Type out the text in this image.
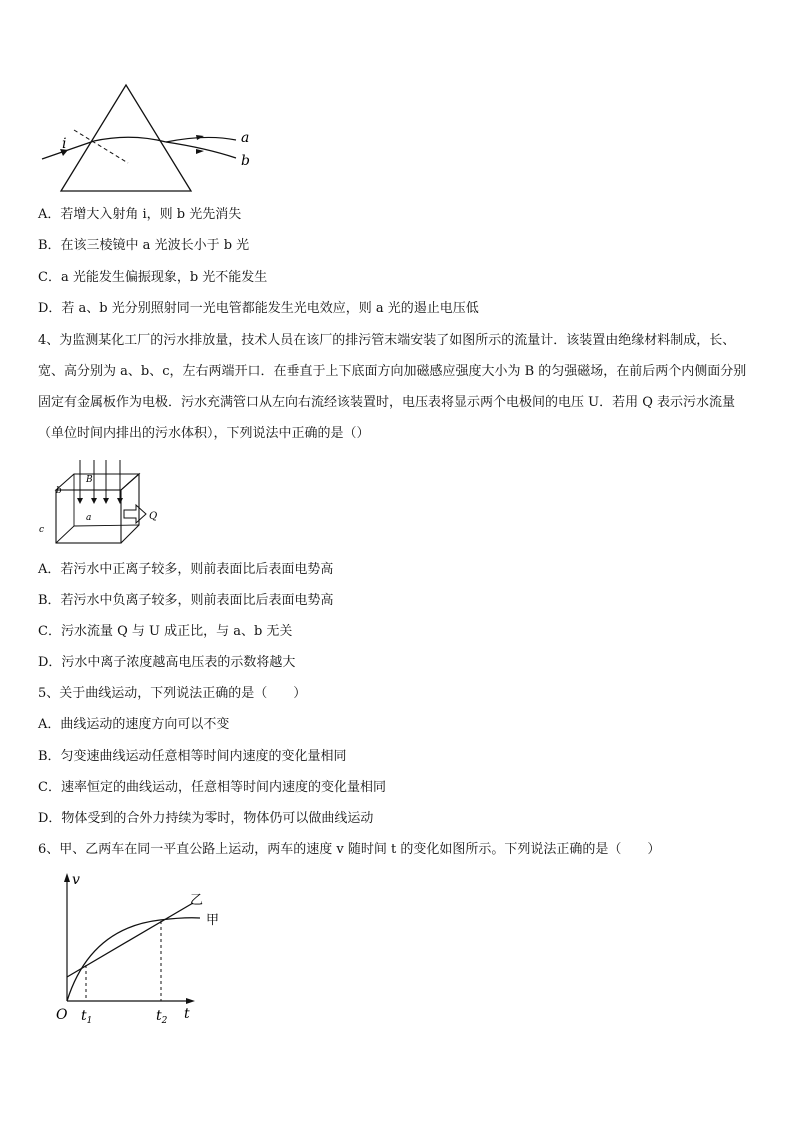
i	a
b
A．若增大入射角 i，则 b 光先消失
B．在该三棱镜中 a 光波长小于 b 光
C．a 光能发生偏振现象，b 光不能发生
D．若 a、b 光分别照射同一光电管都能发生光电效应，则 a 光的遏止电压低
4、为监测某化工厂的污水排放量，技术人员在该厂的排污管末端安装了如图所示的流量计．该装置由绝缘材料制成，长、宽、高分别为 a、b、c，左右两端开口．在垂直于上下底面方向加磁感应强度大小为 B 的匀强磁场，在前后两个内侧面分别固定有金属板作为电极．污水充满管口从左向右流经该装置时，电压表将显示两个电极间的电压 U．若用 Q 表示污水流量（单位时间内排出的污水体积），下列说法中正确的是（）
b
B
a
c
Q
A．若污水中正离子较多，则前表面比后表面电势高
B．若污水中负离子较多，则前表面比后表面电势高
C．污水流量 Q 与 U 成正比，与 a、b 无关
D．污水中离子浓度越高电压表的示数将越大
5、关于曲线运动，下列说法正确的是（　　）
A．曲线运动的速度方向可以不变
B．匀变速曲线运动任意相等时间内速度的变化量相同
C．速率恒定的曲线运动，任意相等时间内速度的变化量相同
D．物体受到的合外力持续为零时，物体仍可以做曲线运动
6、甲、乙两车在同一平直公路上运动，两车的速度 v 随时间 t 的变化如图所示。下列说法正确的是（　　）
v
t
O $t_1$	$t_2$
乙
甲
